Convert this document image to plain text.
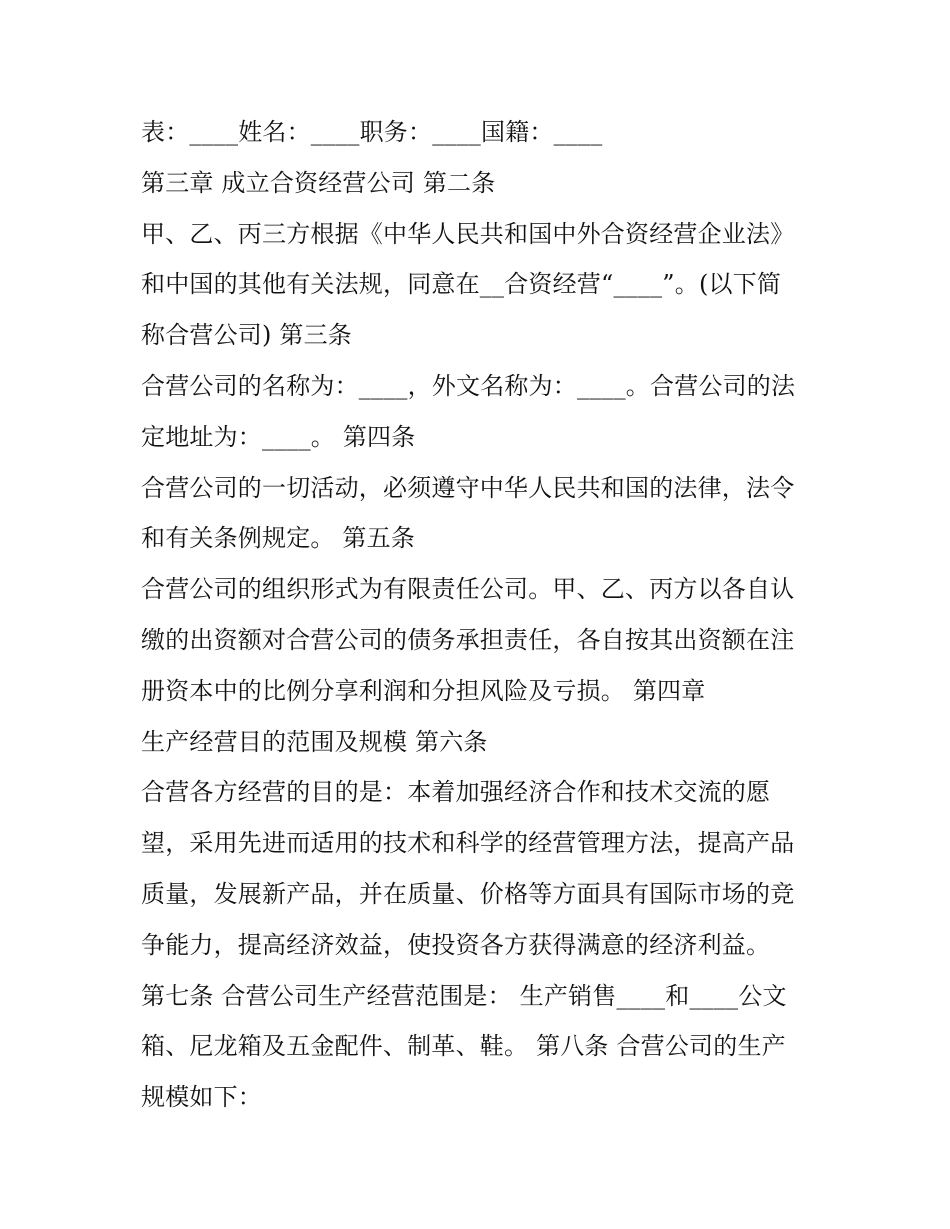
表：____姓名：____职务：____国籍：____
第三章 成立合资经营公司 第二条
甲、乙、丙三方根据《中华人民共和国中外合资经营企业法》
和中国的其他有关法规，同意在__合资经营“____”。(以下简
称合营公司) 第三条
合营公司的名称为：____，外文名称为：____。合营公司的法
定地址为：____。 第四条
合营公司的一切活动，必须遵守中华人民共和国的法律，法令
和有关条例规定。 第五条
合营公司的组织形式为有限责任公司。甲、乙、丙方以各自认
缴的出资额对合营公司的债务承担责任，各自按其出资额在注
册资本中的比例分享利润和分担风险及亏损。 第四章
生产经营目的范围及规模 第六条
合营各方经营的目的是：本着加强经济合作和技术交流的愿
望，采用先进而适用的技术和科学的经营管理方法，提高产品
质量，发展新产品，并在质量、价格等方面具有国际市场的竞
争能力，提高经济效益，使投资各方获得满意的经济利益。
第七条 合营公司生产经营范围是： 生产销售____和____公文
箱、尼龙箱及五金配件、制革、鞋。 第八条 合营公司的生产
规模如下：
